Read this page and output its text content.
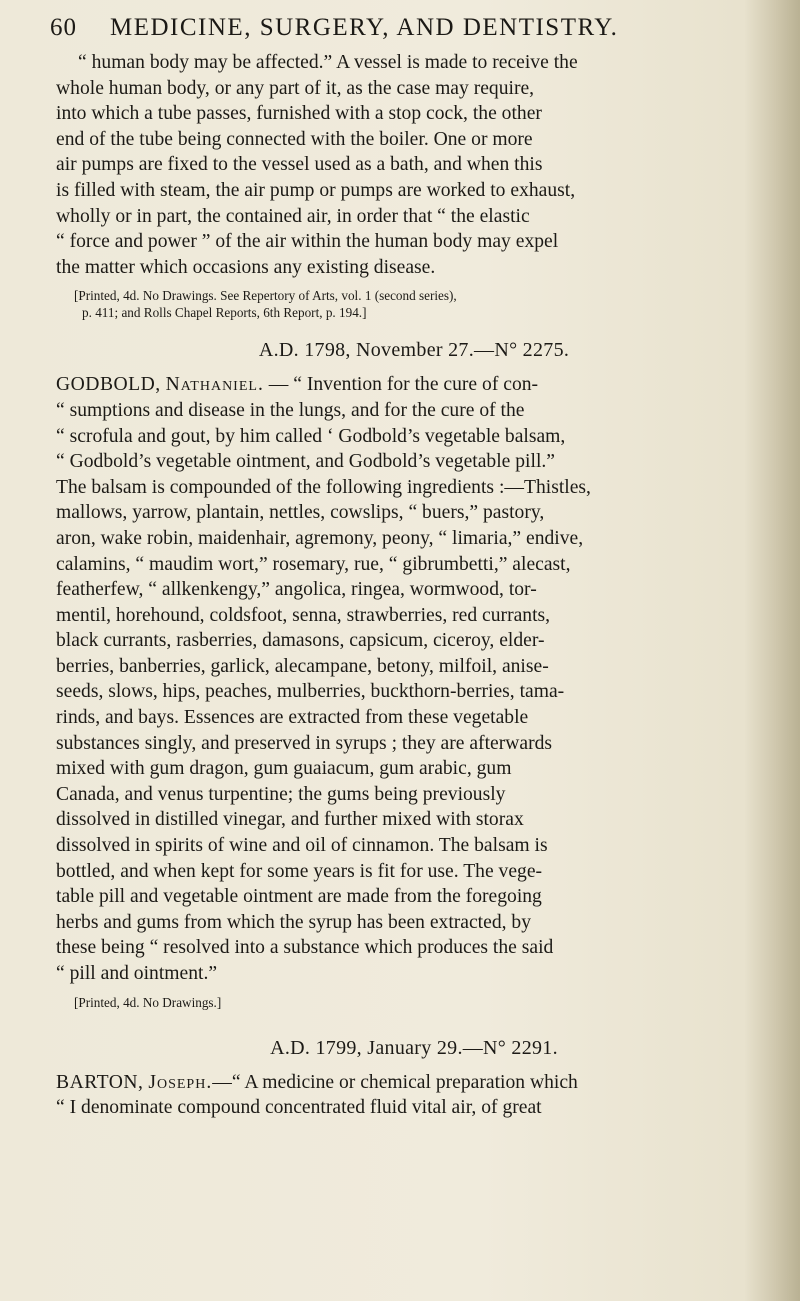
60	MEDICINE, SURGERY, AND DENTISTRY.

“ human body may be affected.” A vessel is made to receive the

whole human body, or any part of it, as the case may require,

into which a tube passes, furnished with a stop cock, the other

end of the tube being connected with the boiler. One or more

air pumps are fixed to the vessel used as a bath, and when this

is filled with steam, the air pump or pumps are worked to exhaust,

wholly or in part, the contained air, in order that “ the elastic

“ force and power ” of the air within the human body may expel

the matter which occasions any existing disease.

[Printed, 4d. No Drawings. See Repertory of Arts, vol. 1 (second series),
p. 411; and Rolls Chapel Reports, 6th Report, p. 194.]
A.D. 1798, November 27.—N° 2275.

GODBOLD, Nathaniel. — “ Invention for the cure of con-

“ sumptions and disease in the lungs, and for the cure of the

“ scrofula and gout, by him called ‘ Godbold’s vegetable balsam,

“ Godbold’s vegetable ointment, and Godbold’s vegetable pill.”

The balsam is compounded of the following ingredients :—Thistles,

mallows, yarrow, plantain, nettles, cowslips, “ buers,” pastory,

aron, wake robin, maidenhair, agremony, peony, “ limaria,” endive,

calamins, “ maudim wort,” rosemary, rue, “ gibrumbetti,” alecast,

featherfew, “ allkenkengy,” angolica, ringea, wormwood, tor-

mentil, horehound, coldsfoot, senna, strawberries, red currants,

black currants, rasberries, damasons, capsicum, ciceroy, elder-

berries, banberries, garlick, alecampane, betony, milfoil, anise-

seeds, slows, hips, peaches, mulberries, buckthorn-berries, tama-

rinds, and bays. Essences are extracted from these vegetable

substances singly, and preserved in syrups ; they are afterwards

mixed with gum dragon, gum guaiacum, gum arabic, gum

Canada, and venus turpentine; the gums being previously

dissolved in distilled vinegar, and further mixed with storax

dissolved in spirits of wine and oil of cinnamon. The balsam is

bottled, and when kept for some years is fit for use. The vege-

table pill and vegetable ointment are made from the foregoing

herbs and gums from which the syrup has been extracted, by

these being “ resolved into a substance which produces the said

“ pill and ointment.”

[Printed, 4d. No Drawings.]
A.D. 1799, January 29.—N° 2291.

BARTON, Joseph.—“ A medicine or chemical preparation which

“ I denominate compound concentrated fluid vital air, of great
